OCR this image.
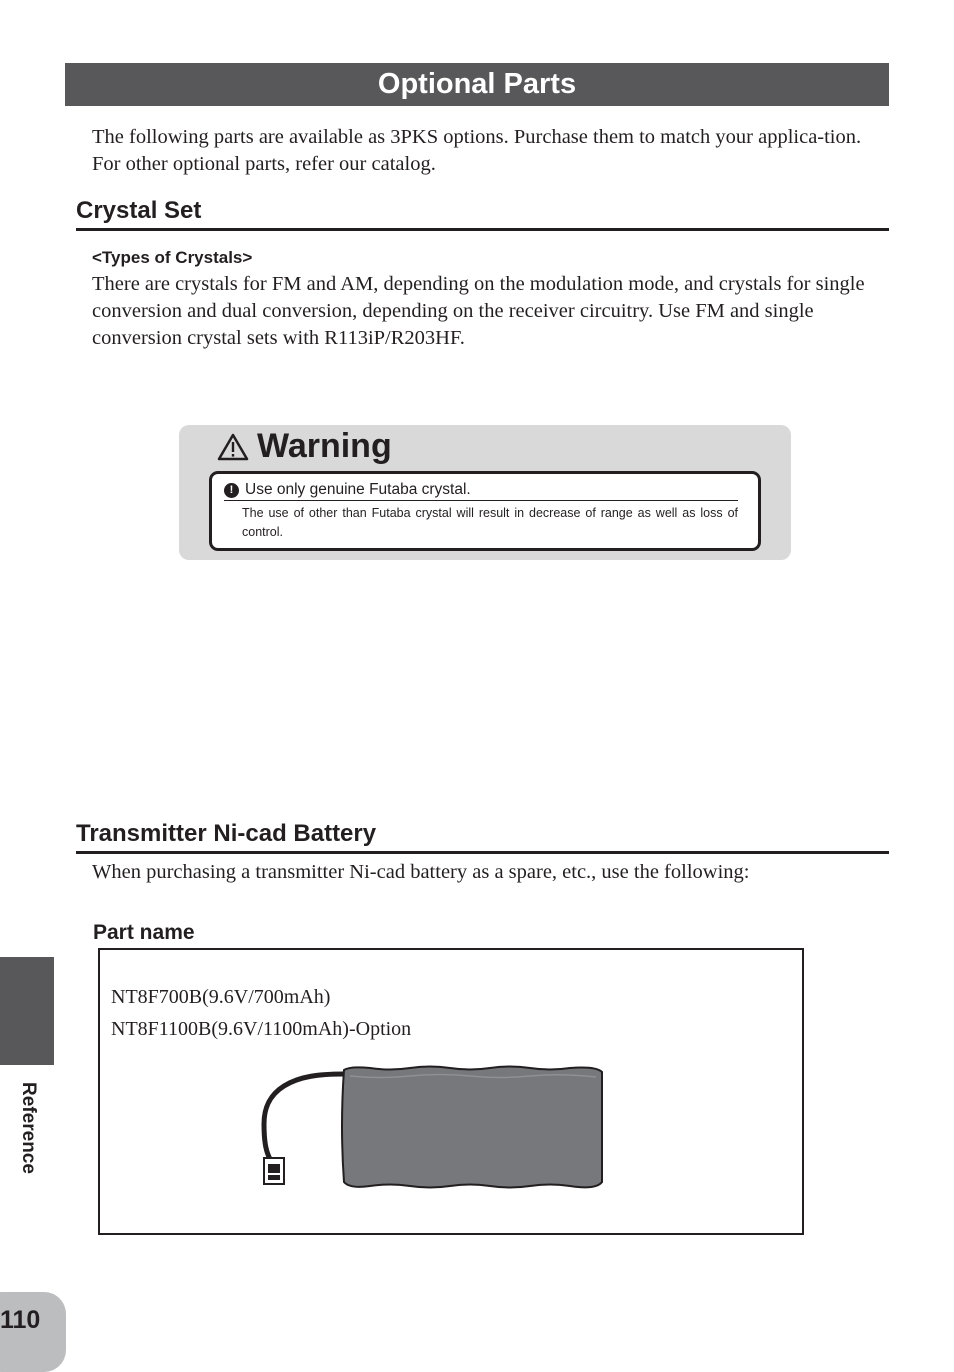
Optional Parts
The following parts are available as 3PKS options. Purchase them to match your applica-tion. For other optional parts, refer our catalog.
Crystal Set
<Types of Crystals>
There are crystals for FM and AM, depending on the modulation mode, and crystals for single conversion and dual conversion, depending on the receiver circuitry. Use FM and single conversion crystal sets with R113iP/R203HF.
Warning
! Use only genuine Futaba crystal.
The use of other than Futaba crystal will result in decrease of range as well as loss of control.
Transmitter Ni-cad Battery
When purchasing a transmitter Ni-cad battery as a spare, etc., use the following:
Part name
NT8F700B(9.6V/700mAh)
NT8F1100B(9.6V/1100mAh)-Option
Reference
110
